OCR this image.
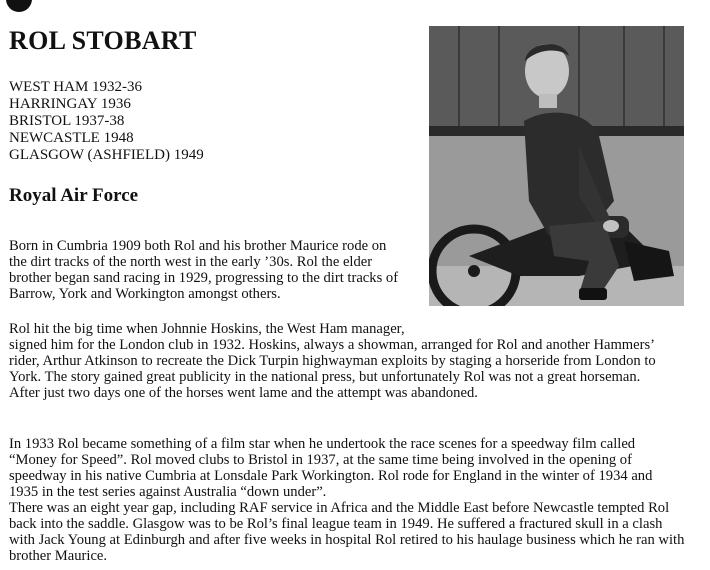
ROL STOBART
WEST HAM 1932-36
HARRINGAY 1936
BRISTOL 1937-38
NEWCASTLE 1948
GLASGOW (ASHFIELD) 1949
Royal Air Force
Born in Cumbria 1909 both Rol and his brother Maurice rode on
the dirt tracks of the north west in the early ’30s. Rol the elder
brother began sand racing in 1929, progressing to the dirt tracks of
Barrow, York and Workington amongst others.
Rol hit the big time when Johnnie Hoskins, the West Ham manager,
signed him for the London club in 1932. Hoskins, always a showman, arranged for Rol and another Hammers’
rider, Arthur Atkinson to recreate the Dick Turpin highwayman exploits by staging a horseride from London to
York. The story gained great publicity in the national press, but unfortunately Rol was not a great horseman.
After just two days one of the horses went lame and the attempt was abandoned.
In 1933 Rol became something of a film star when he undertook the race scenes for a speedway film called
“Money for Speed”. Rol moved clubs to Bristol in 1937, at the same time being involved in the opening of
speedway in his native Cumbria at Lonsdale Park Workington. Rol rode for England in the winter of 1934 and
1935 in the test series against Australia “down under”.
There was an eight year gap, including RAF service in Africa and the Middle East before Newcastle tempted Rol
back into the saddle. Glasgow was to be Rol’s final league team in 1949. He suffered a fractured skull in a clash
with Jack Young at Edinburgh and after five weeks in hospital Rol retired to his haulage business which he ran with
brother Maurice.
